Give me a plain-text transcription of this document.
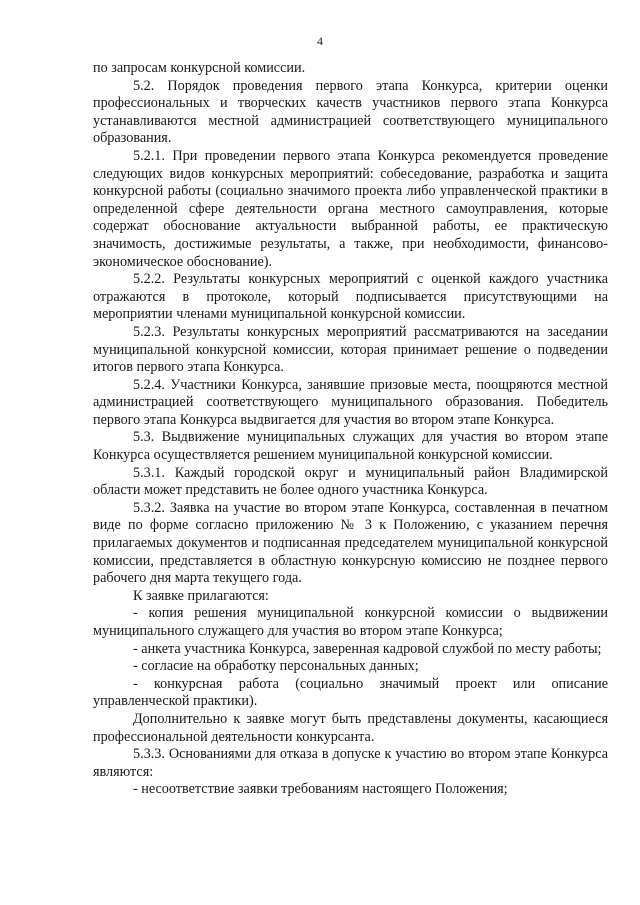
4

по запросам конкурсной комиссии.

5.2. Порядок проведения первого этапа Конкурса, критерии оценки профессиональных и творческих качеств участников первого этапа Конкурса устанавливаются местной администрацией соответствующего муниципального образования.

5.2.1. При проведении первого этапа Конкурса рекомендуется проведение следующих видов конкурсных мероприятий: собеседование, разработка и защита конкурсной работы (социально значимого проекта либо управленческой практики в определенной сфере деятельности органа местного самоуправления, которые содержат обоснование актуальности выбранной работы, ее практическую значимость, достижимые результаты, а также, при необходимости, финансово-экономическое обоснование).

5.2.2. Результаты конкурсных мероприятий с оценкой каждого участника отражаются в протоколе, который подписывается присутствующими на мероприятии членами муниципальной конкурсной комиссии.

5.2.3. Результаты конкурсных мероприятий рассматриваются на заседании муниципальной конкурсной комиссии, которая принимает решение о подведении итогов первого этапа Конкурса.

5.2.4. Участники Конкурса, занявшие призовые места, поощряются местной администрацией соответствующего муниципального образования. Победитель первого этапа Конкурса выдвигается для участия во втором этапе Конкурса.

5.3. Выдвижение муниципальных служащих для участия во втором этапе Конкурса осуществляется решением муниципальной конкурсной комиссии.

5.3.1. Каждый городской округ и муниципальный район Владимирской области может представить не более одного участника Конкурса.

5.3.2. Заявка на участие во втором этапе Конкурса, составленная в печатном виде по форме согласно приложению № 3 к Положению, с указанием перечня прилагаемых документов и подписанная председателем муниципальной конкурсной комиссии, представляется в областную конкурсную комиссию не позднее первого рабочего дня марта текущего года.

К заявке прилагаются:

- копия решения муниципальной конкурсной комиссии о выдвижении муниципального служащего для участия во втором этапе Конкурса;

- анкета участника Конкурса, заверенная кадровой службой по месту работы;

- согласие на обработку персональных данных;

- конкурсная работа (социально значимый проект или описание управленческой практики).

Дополнительно к заявке могут быть представлены документы, касающиеся профессиональной деятельности конкурсанта.

5.3.3. Основаниями для отказа в допуске к участию во втором этапе Конкурса являются:

- несоответствие заявки требованиям настоящего Положения;
